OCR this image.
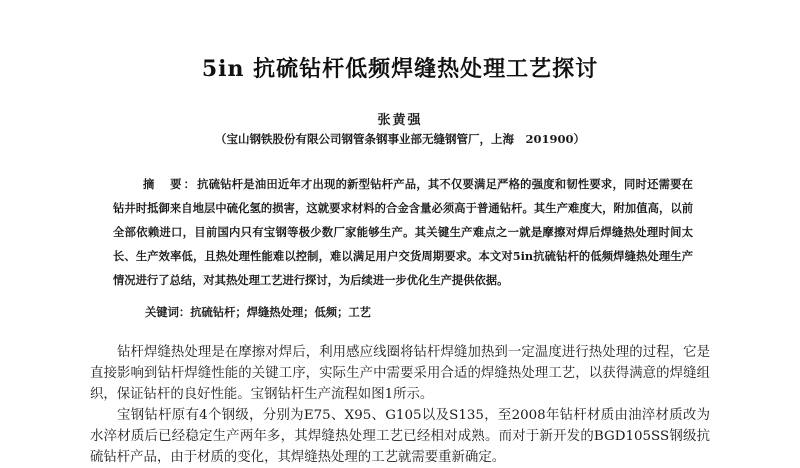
5in 抗硫钻杆低频焊缝热处理工艺探讨
张黄强
（宝山钢铁股份有限公司钢管条钢事业部无缝钢管厂，上海　201900）
摘　要：抗硫钻杆是油田近年才出现的新型钻杆产品，其不仅要满足严格的强度和韧性要求，同时还需要在钻井时抵御来自地层中硫化氢的损害，这就要求材料的合金含量必须高于普通钻杆。其生产难度大，附加值高，以前全部依赖进口，目前国内只有宝钢等极少数厂家能够生产。其关键生产难点之一就是摩擦对焊后焊缝热处理时间太长、生产效率低，且热处理性能难以控制，难以满足用户交货周期要求。本文对5in抗硫钻杆的低频焊缝热处理生产情况进行了总结，对其热处理工艺进行探讨，为后续进一步优化生产提供依据。
关键词：抗硫钻杆；焊缝热处理；低频；工艺

钻杆焊缝热处理是在摩擦对焊后，利用感应线圈将钻杆焊缝加热到一定温度进行热处理的过程，它是直接影响到钻杆焊缝性能的关键工序，实际生产中需要采用合适的焊缝热处理工艺，以获得满意的焊缝组织，保证钻杆的良好性能。宝钢钻杆生产流程如图1所示。

宝钢钻杆原有4个钢级，分别为E75、X95、G105以及S135，至2008年钻杆材质由油淬材质改为水淬材质后已经稳定生产两年多，其焊缝热处理工艺已经相对成熟。而对于新开发的BGD105SS钢级抗硫钻杆产品，由于材质的变化，其焊缝热处理的工艺就需要重新确定。
